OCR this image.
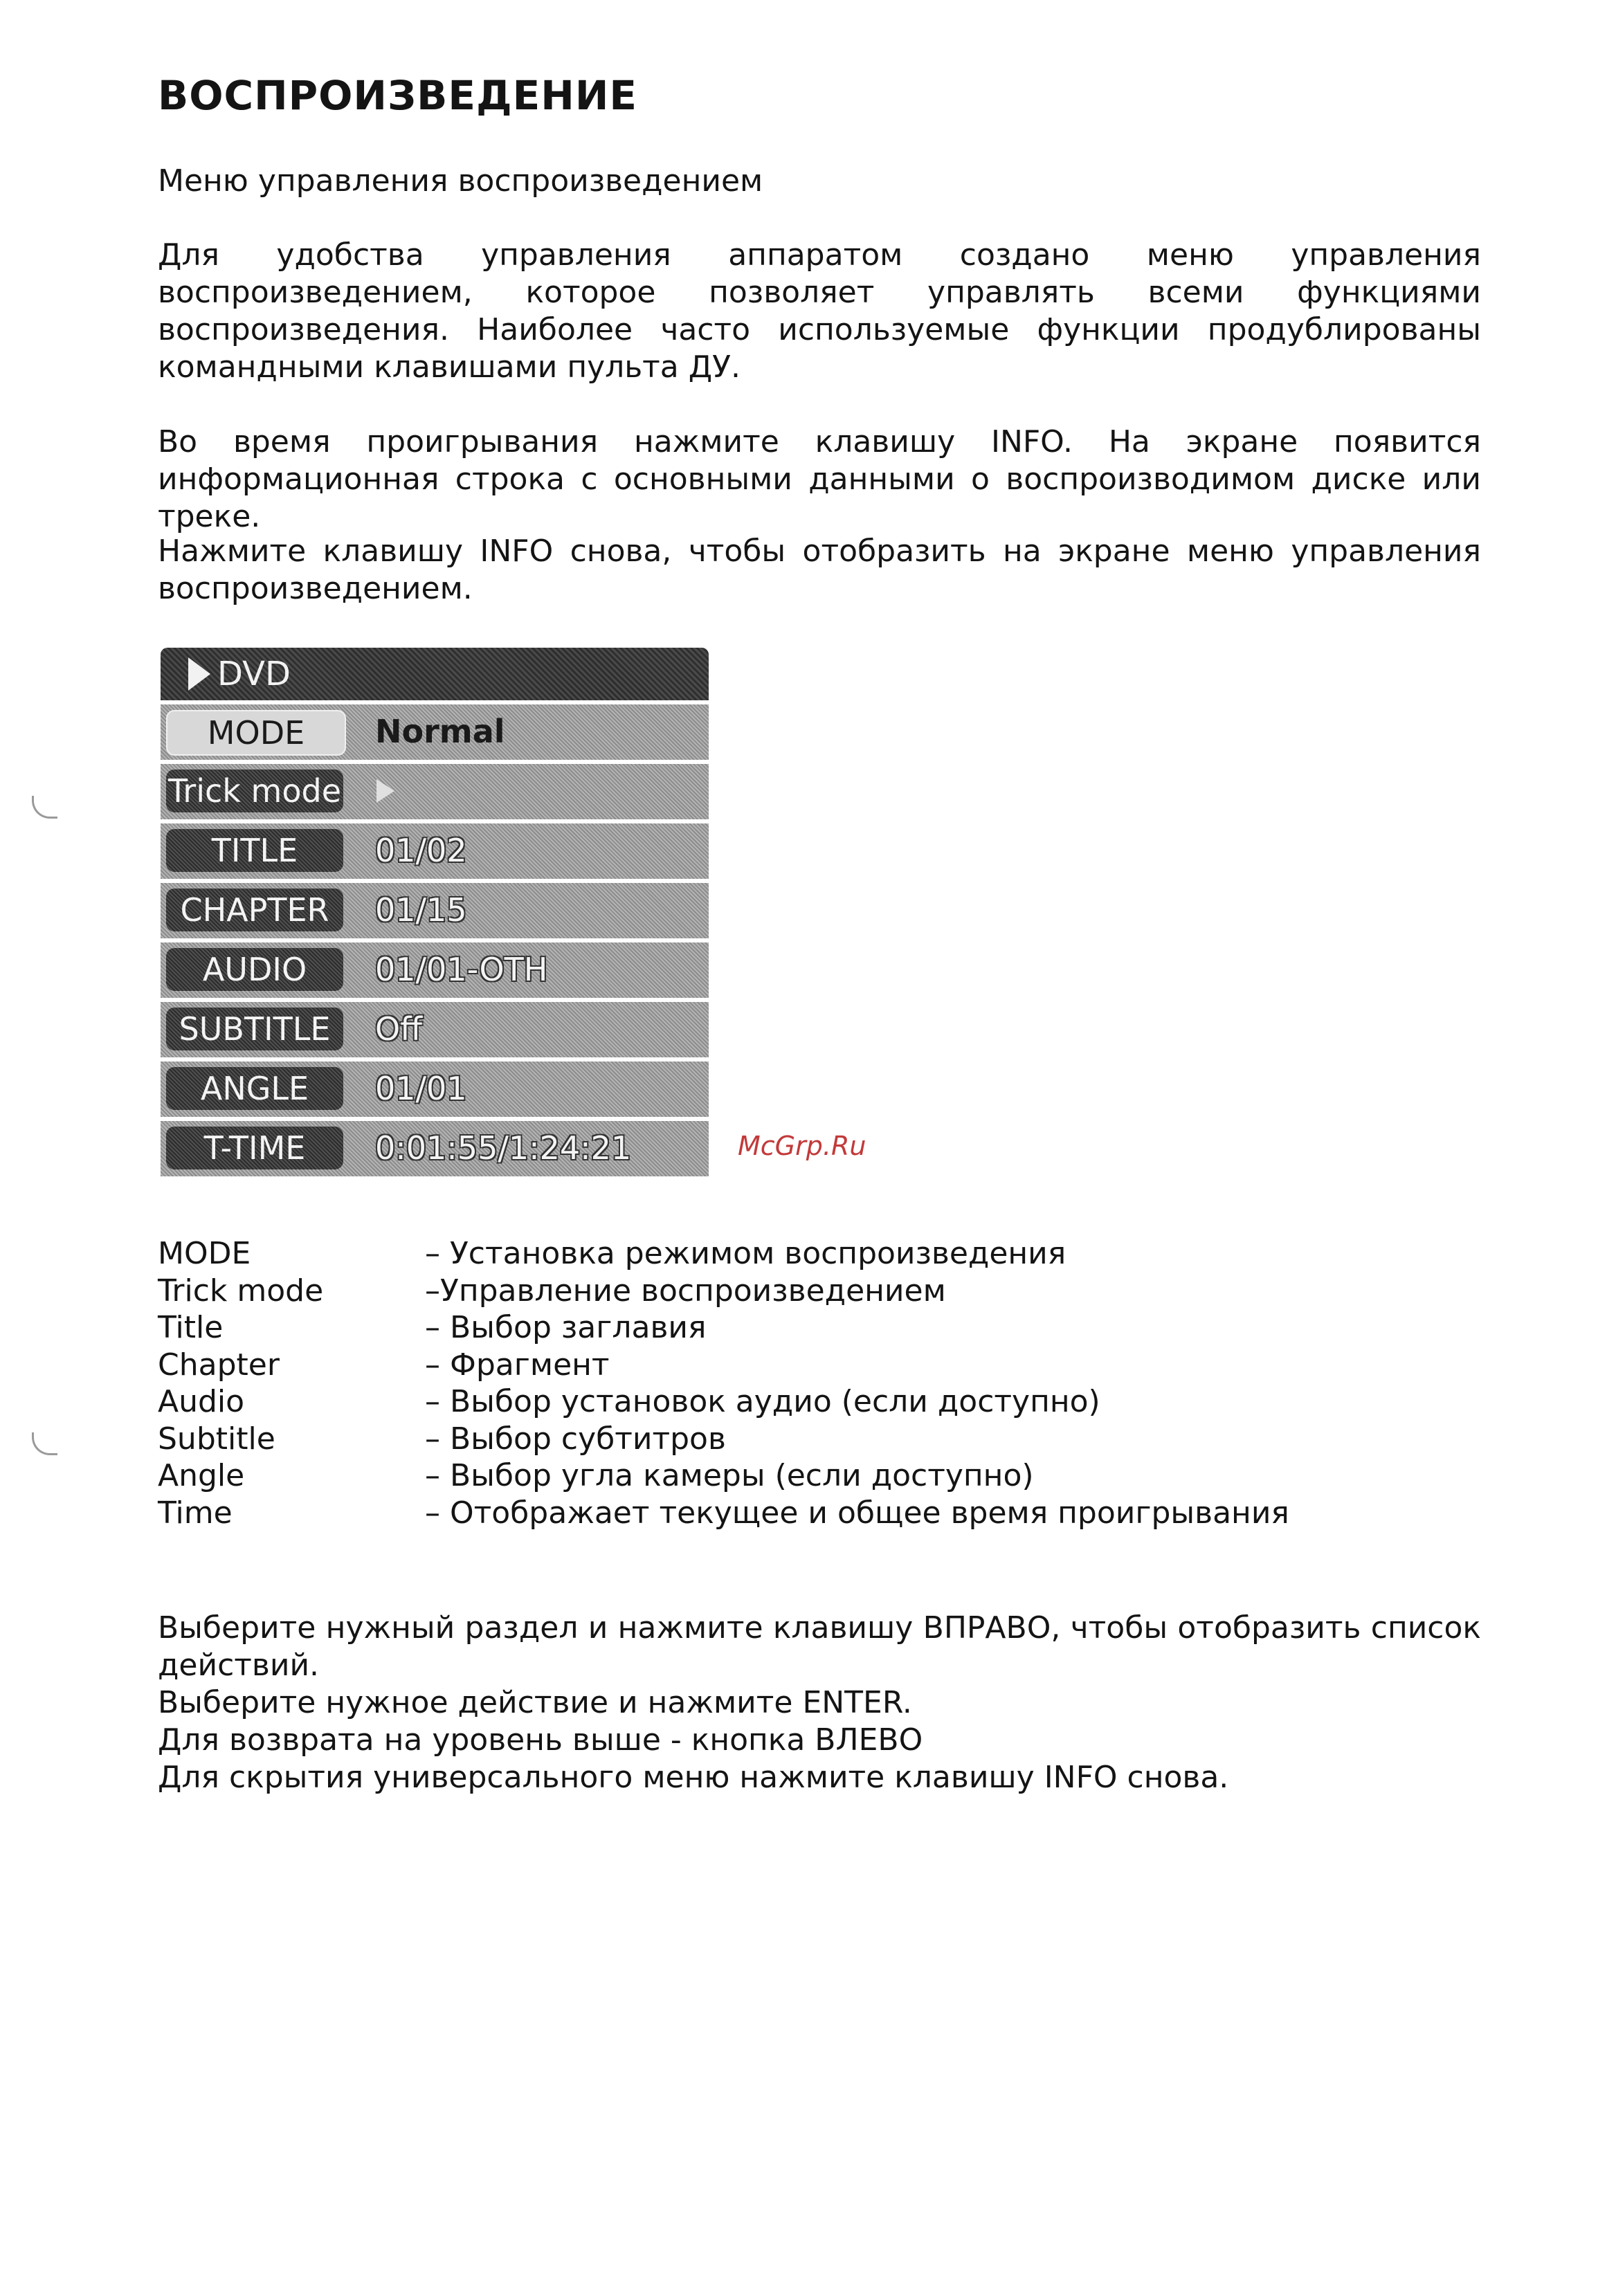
ВОСПРОИЗВЕДЕНИЕ
Меню управления воспроизведением

Для удобства управления аппаратом создано меню управления воспроизведением, которое позволяет управлять всеми функциями воспроизведения. Наиболее часто используемые функции продублированы командными клавишами пульта ДУ.

Во время проигрывания нажмите клавишу INFO. На экране появится информационная строка с основными данными о воспроизводимом диске или треке.

Нажмите клавишу INFO снова, чтобы отобразить на экране меню управления воспроизведением.

DVD
MODE	Normal
Trick mode
TITLE	01/02
CHAPTER	01/15
AUDIO	01/01-OTH
SUBTITLE	Off
ANGLE	01/01
T-TIME	0:01:55/1:24:21	McGrp.Ru
MODE	– Установка режимом воспроизведения
Trick mode	–Управление воспроизведением
Title	– Выбор заглавия
Chapter	– Фрагмент
Audio	– Выбор установок аудио (если доступно)
Subtitle	– Выбор субтитров
Angle	– Выбор угла камеры (если доступно)
Time	– Отображает текущее и общее время проигрывания

Выберите нужный раздел и нажмите клавишу ВПРАВО, чтобы отобразить список действий.

Выберите нужное действие и нажмите ENTER.

Для возврата на уровень выше - кнопка ВЛЕВО

Для скрытия универсального меню нажмите клавишу INFO снова.
